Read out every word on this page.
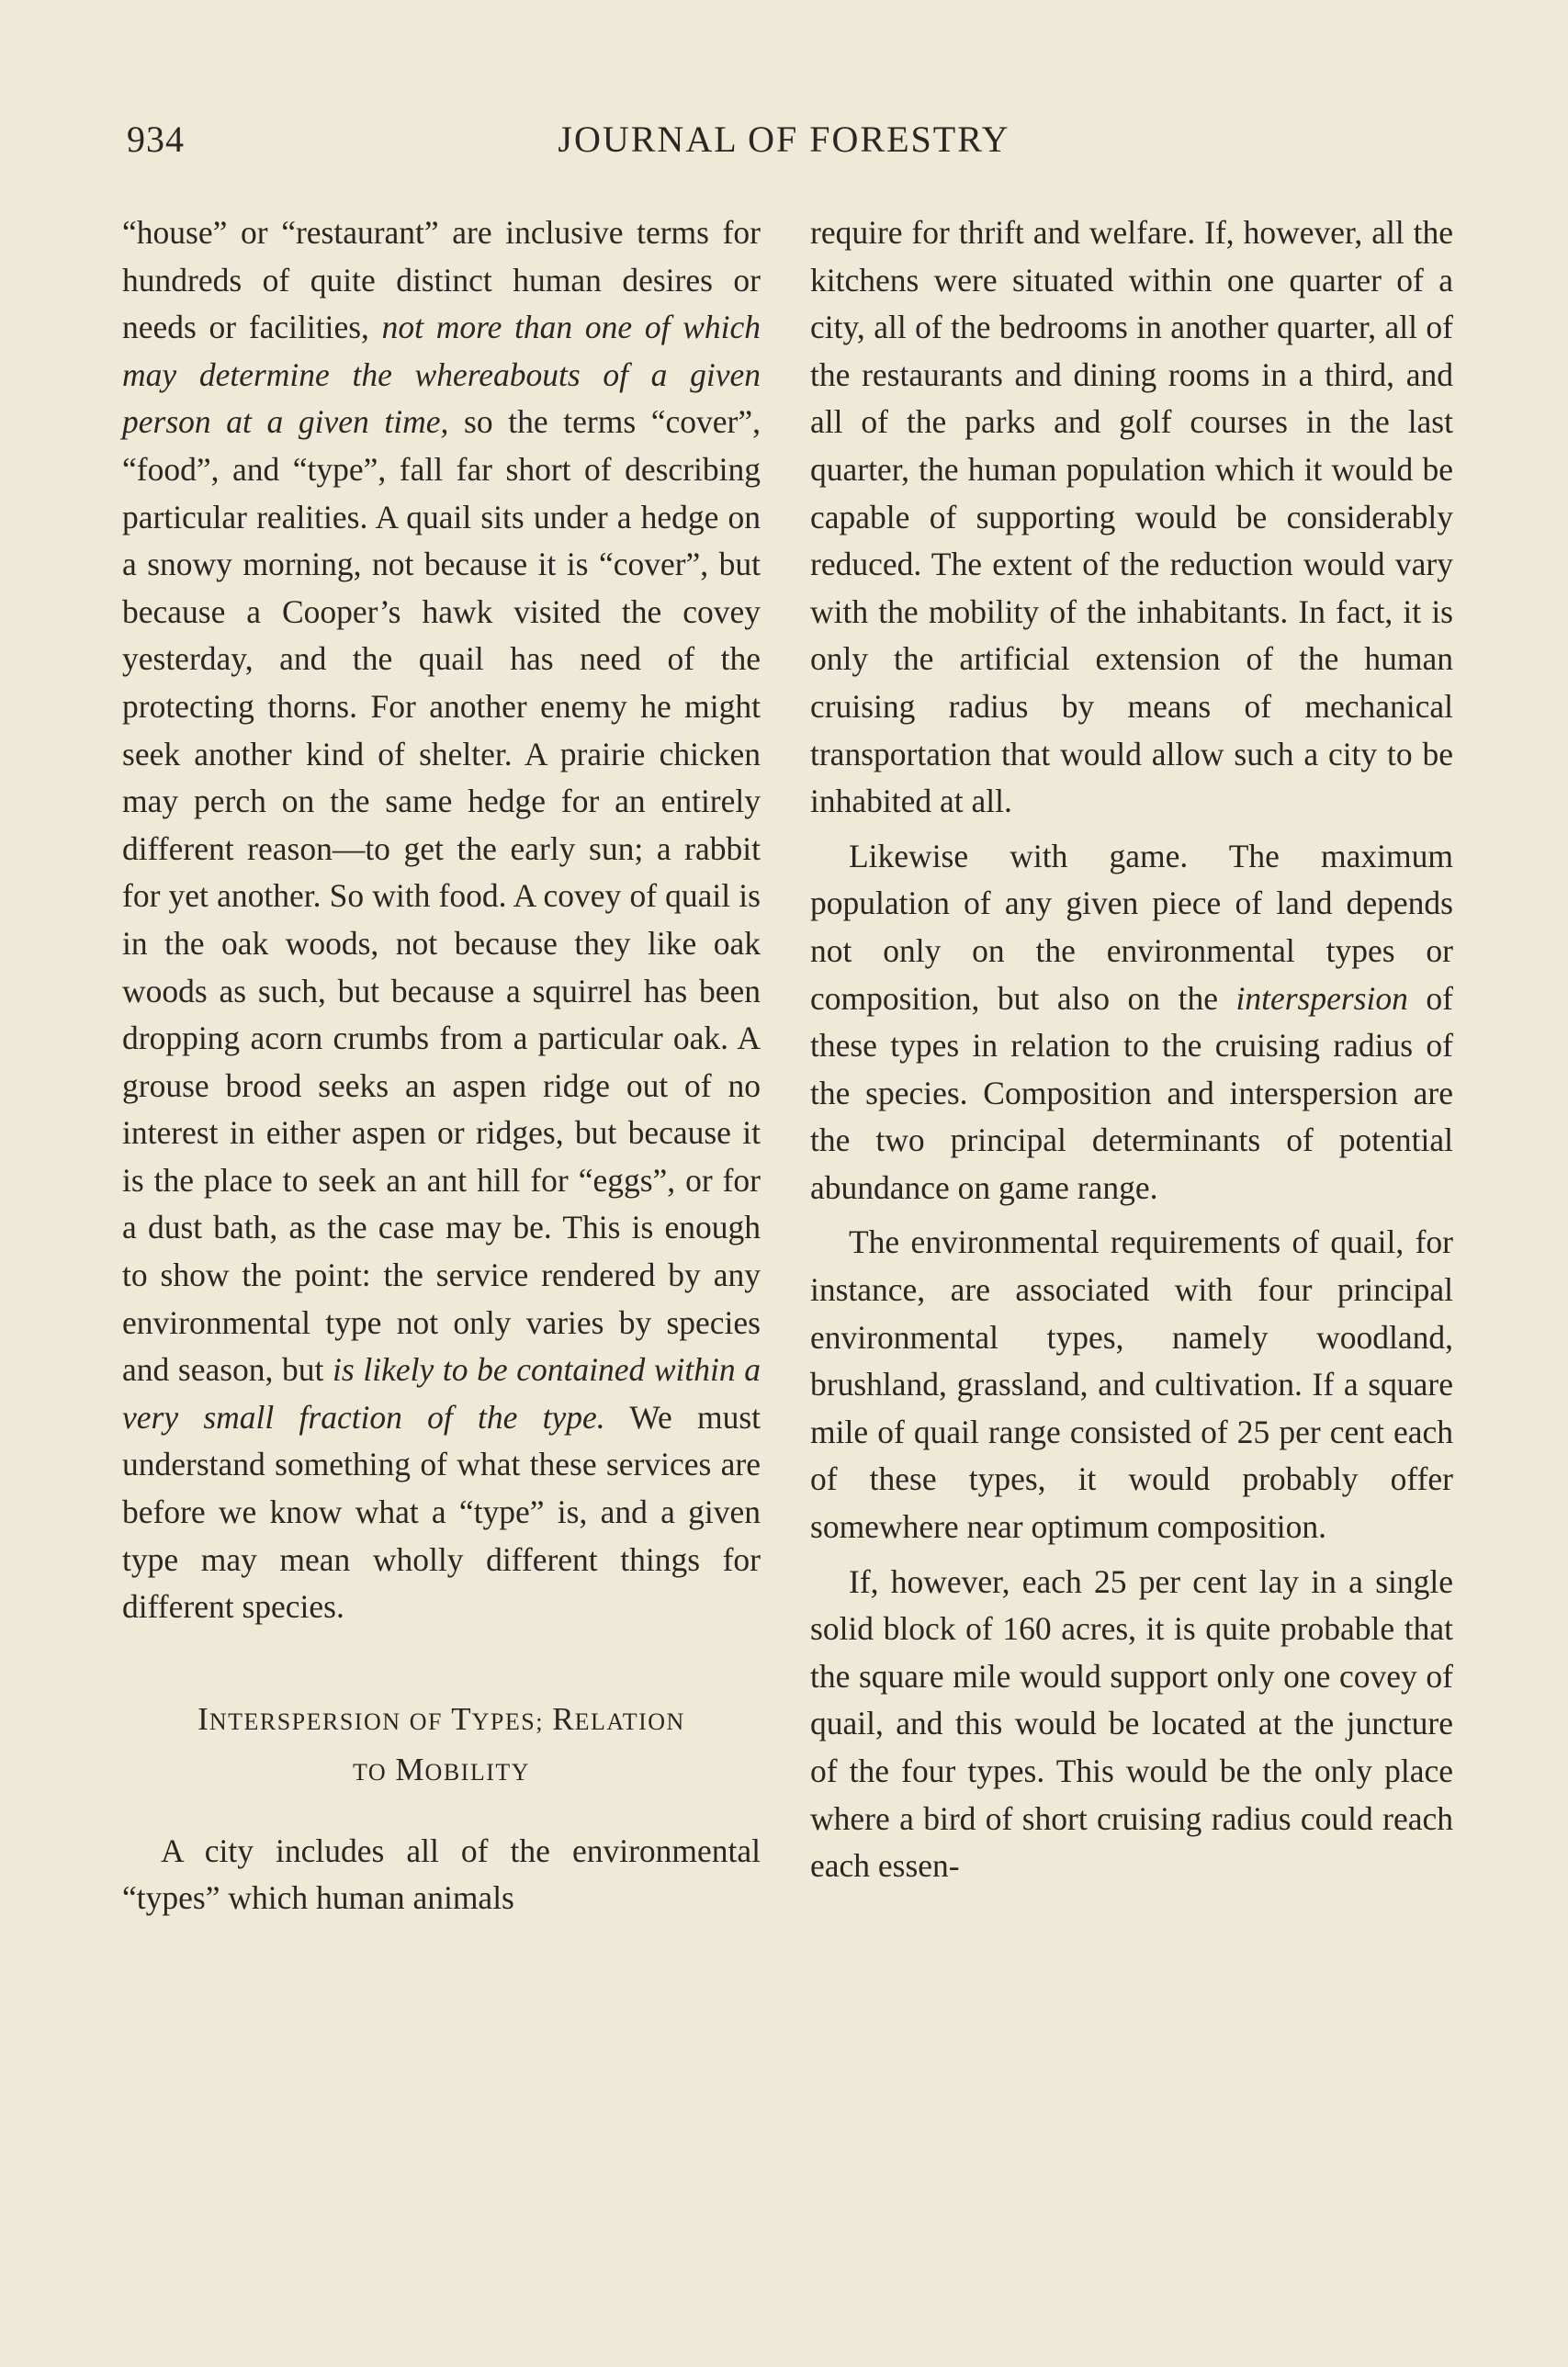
934	JOURNAL OF FORESTRY

“house” or “restaurant” are inclusive terms for hundreds of quite distinct human desires or needs or facilities, not more than one of which may determine the whereabouts of a given person at a given time, so the terms “cover”, “food”, and “type”, fall far short of describing particular realities. A quail sits under a hedge on a snowy morning, not because it is “cover”, but because a Cooper’s hawk visited the covey yesterday, and the quail has need of the protecting thorns. For another enemy he might seek another kind of shelter. A prairie chicken may perch on the same hedge for an entirely different reason—to get the early sun; a rabbit for yet another. So with food. A covey of quail is in the oak woods, not because they like oak woods as such, but because a squirrel has been dropping acorn crumbs from a particular oak. A grouse brood seeks an aspen ridge out of no interest in either aspen or ridges, but because it is the place to seek an ant hill for “eggs”, or for a dust bath, as the case may be. This is enough to show the point: the service rendered by any environmental type not only varies by species and season, but is likely to be contained within a very small fraction of the type. We must understand something of what these services are before we know what a “type” is, and a given type may mean wholly different things for different species.

INTERSPERSION OF TYPES; RELATION
TO MOBILITY

A city includes all of the environmental “types” which human animals

require for thrift and welfare. If, however, all the kitchens were situated within one quarter of a city, all of the bedrooms in another quarter, all of the restaurants and dining rooms in a third, and all of the parks and golf courses in the last quarter, the human population which it would be capable of supporting would be considerably reduced. The extent of the reduction would vary with the mobility of the inhabitants. In fact, it is only the artificial extension of the human cruising radius by means of mechanical transportation that would allow such a city to be inhabited at all.

Likewise with game. The maximum population of any given piece of land depends not only on the environmental types or composition, but also on the interspersion of these types in relation to the cruising radius of the species. Composition and interspersion are the two principal determinants of potential abundance on game range.

The environmental requirements of quail, for instance, are associated with four principal environmental types, namely woodland, brushland, grassland, and cultivation. If a square mile of quail range consisted of 25 per cent each of these types, it would probably offer somewhere near optimum composition.

If, however, each 25 per cent lay in a single solid block of 160 acres, it is quite probable that the square mile would support only one covey of quail, and this would be located at the juncture of the four types. This would be the only place where a bird of short cruising radius could reach each essen-
